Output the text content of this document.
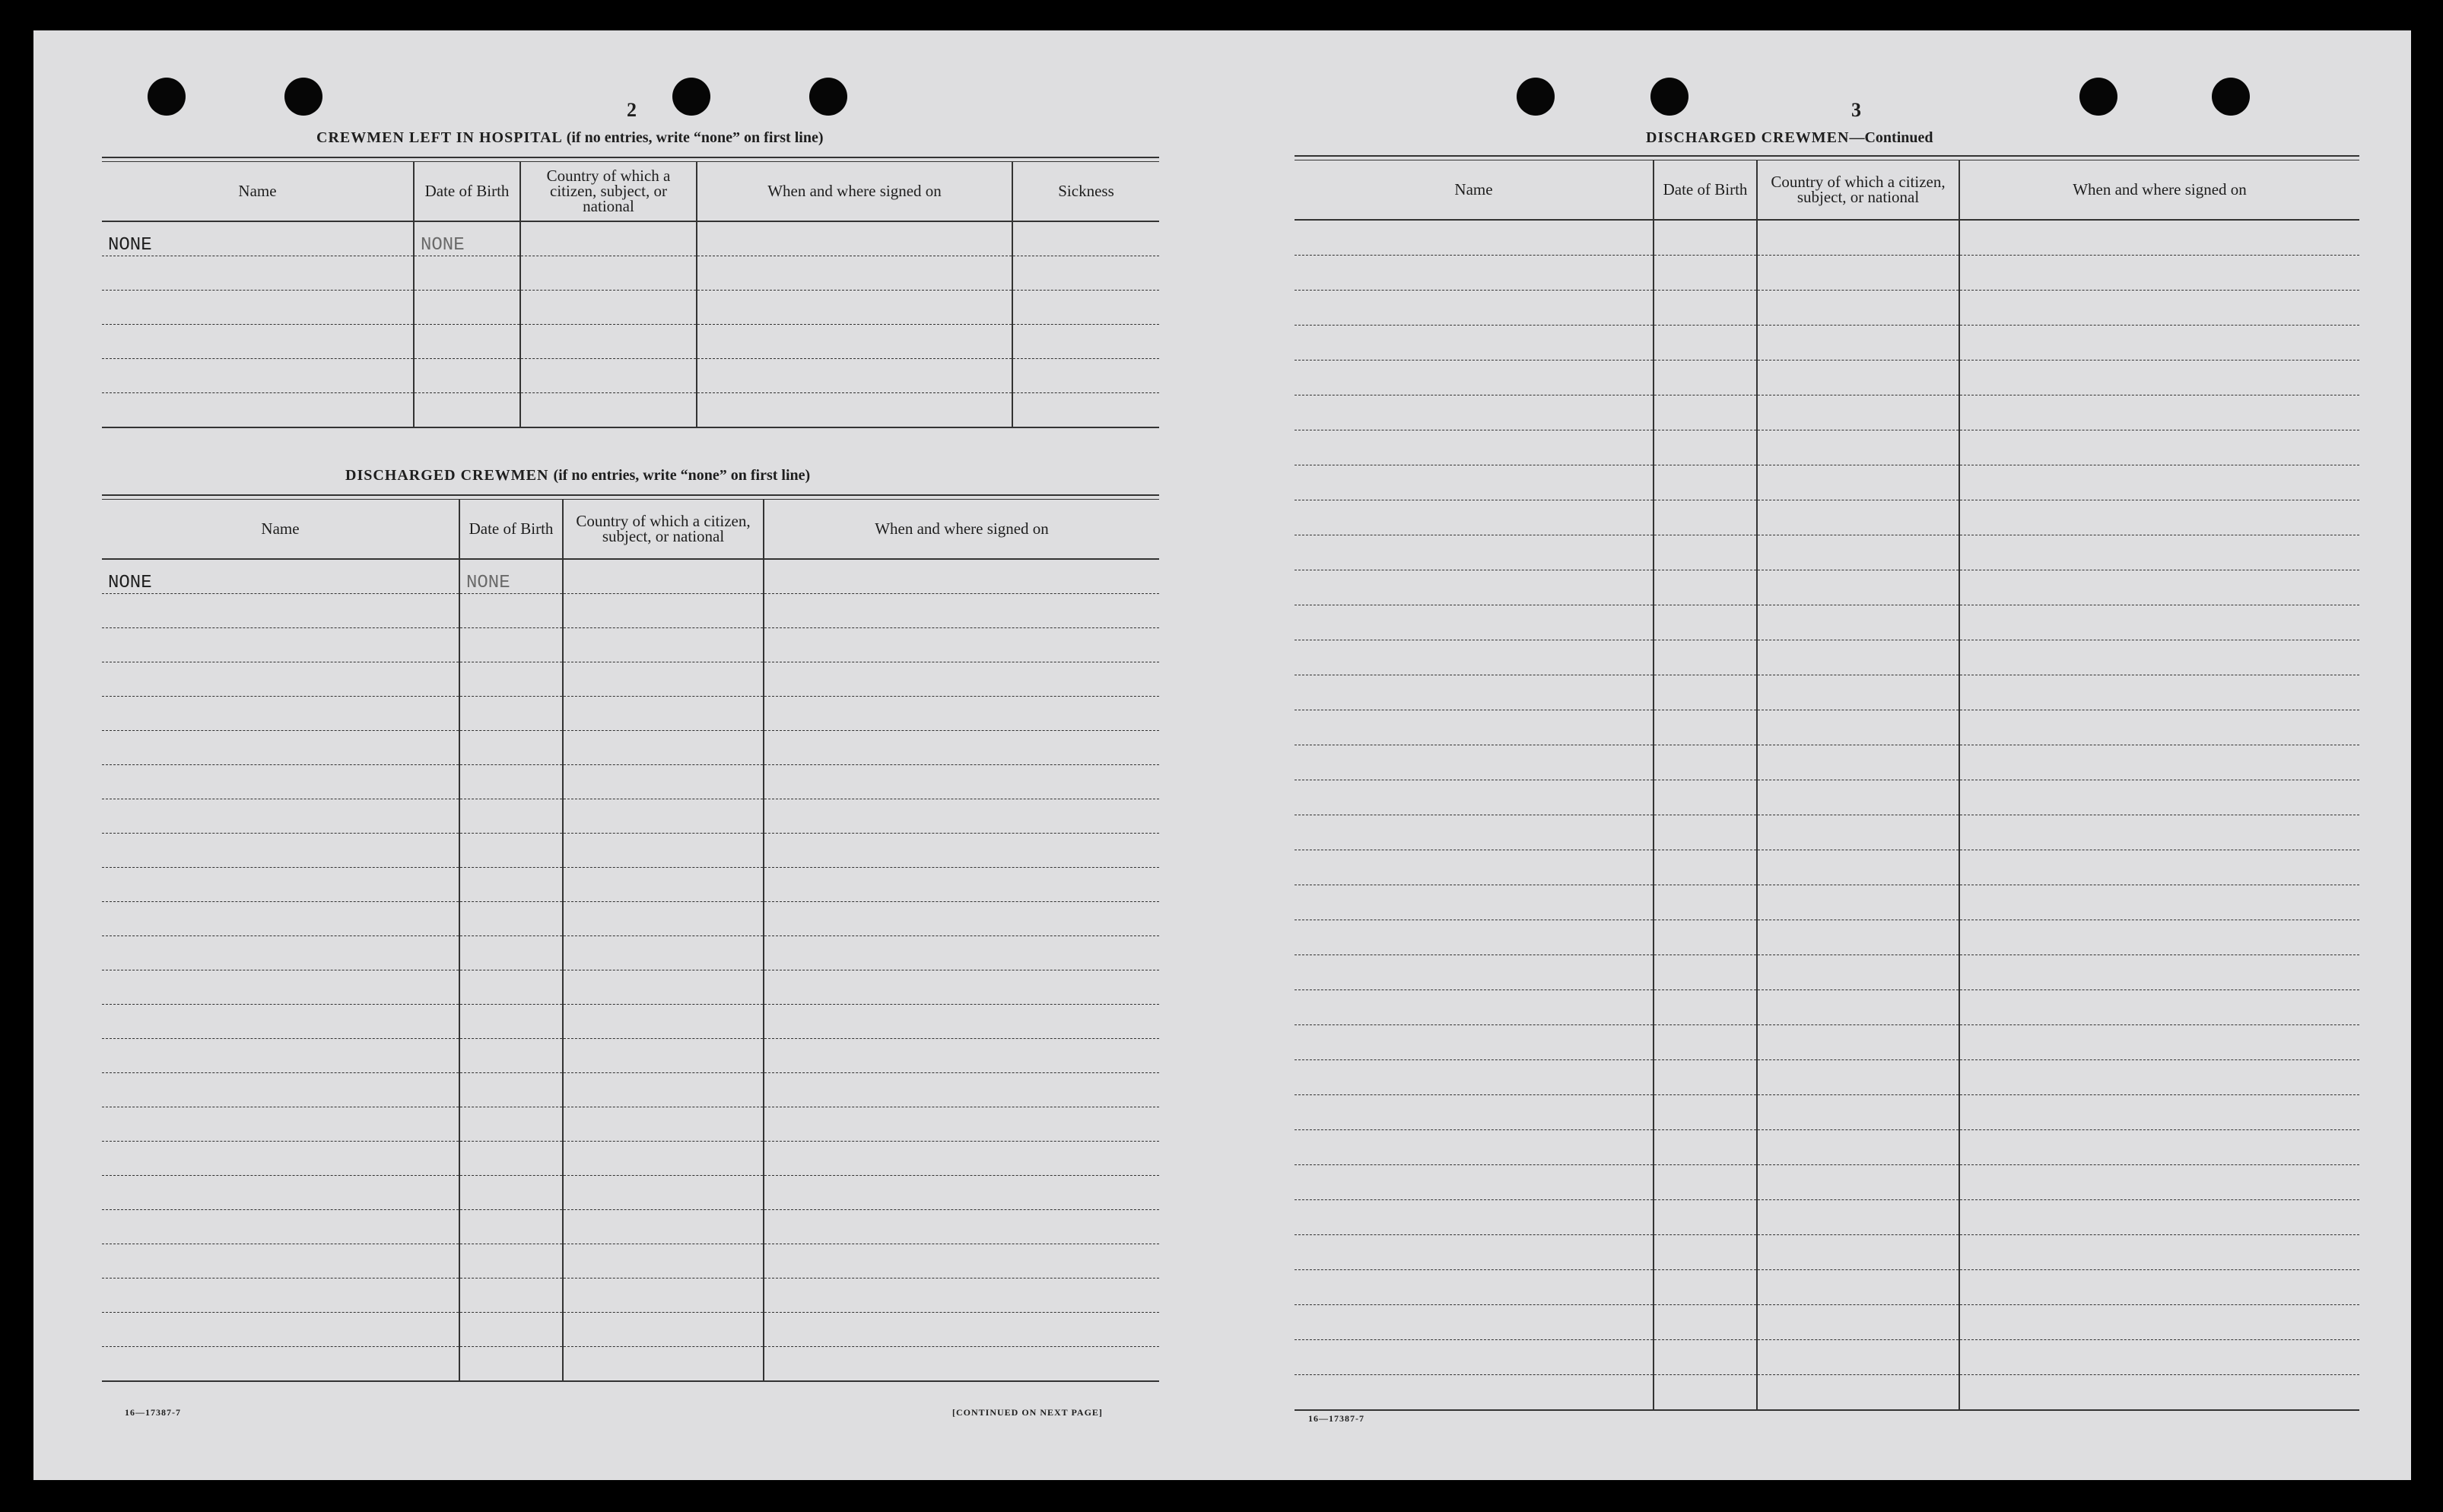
2
CREWMEN LEFT IN HOSPITAL (if no entries, write “none” on first line)
Name	Date of Birth	Country of which a citizen, subject, or national	When and where signed on	Sickness
NONE	NONE			

DISCHARGED CREWMEN (if no entries, write “none” on first line)
Name	Date of Birth	Country of which a citizen, subject, or national	When and where signed on
NONE	NONE		

16—17387-7	[CONTINUED ON NEXT PAGE]
3
DISCHARGED CREWMEN—Continued
Name	Date of Birth	Country of which a citizen, subject, or national	When and where signed on

16—17387-7
